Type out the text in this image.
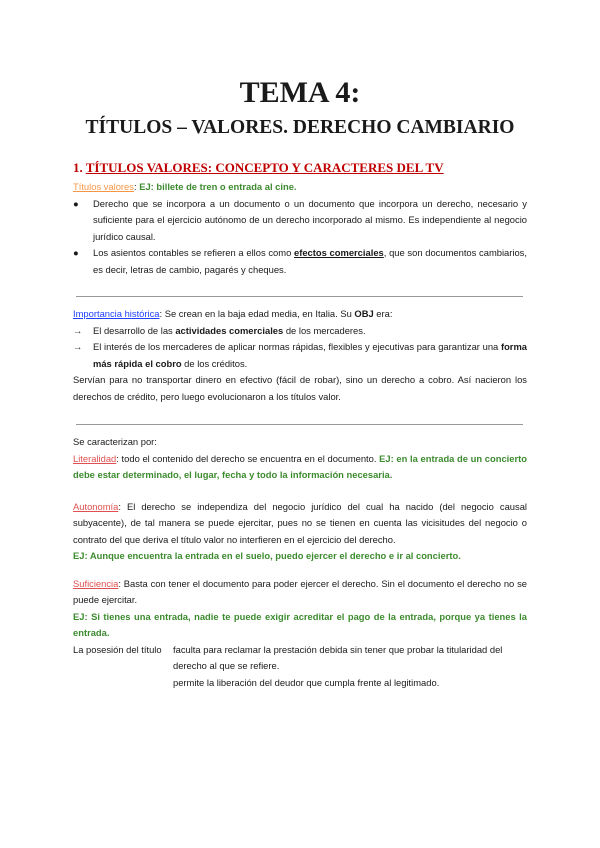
TEMA 4:
TÍTULOS – VALORES. DERECHO CAMBIARIO
1. TÍTULOS VALORES: CONCEPTO Y CARACTERES DEL TV
Títulos valores: EJ: billete de tren o entrada al cine.
● Derecho que se incorpora a un documento o un documento que incorpora un derecho, necesario y suficiente para el ejercicio autónomo de un derecho incorporado al mismo. Es independiente al negocio jurídico causal.
● Los asientos contables se refieren a ellos como efectos comerciales, que son documentos cambiarios, es decir, letras de cambio, pagarés y cheques.
Importancia histórica: Se crean en la baja edad media, en Italia. Su OBJ era:
→ El desarrollo de las actividades comerciales de los mercaderes.
→ El interés de los mercaderes de aplicar normas rápidas, flexibles y ejecutivas para garantizar una forma más rápida el cobro de los créditos.
Servían para no transportar dinero en efectivo (fácil de robar), sino un derecho a cobro. Así nacieron los derechos de crédito, pero luego evolucionaron a los títulos valor.
Se caracterizan por:
Literalidad: todo el contenido del derecho se encuentra en el documento. EJ: en la entrada de un concierto debe estar determinado, el lugar, fecha y todo la información necesaria.
Autonomía: El derecho se independiza del negocio jurídico del cual ha nacido (del negocio causal subyacente), de tal manera se puede ejercitar, pues no se tienen en cuenta las vicisitudes del negocio o contrato del que deriva el título valor no interfieren en el ejercicio del derecho.
EJ: Aunque encuentra la entrada en el suelo, puedo ejercer el derecho e ir al concierto.
Suficiencia: Basta con tener el documento para poder ejercer el derecho. Sin el documento el derecho no se puede ejercitar.
EJ: Si tienes una entrada, nadie te puede exigir acreditar el pago de la entrada, porque ya tienes la entrada.
La posesión del título	faculta para reclamar la prestación debida sin tener que probar la titularidad del derecho al que se refiere.
permite la liberación del deudor que cumpla frente al legitimado.
